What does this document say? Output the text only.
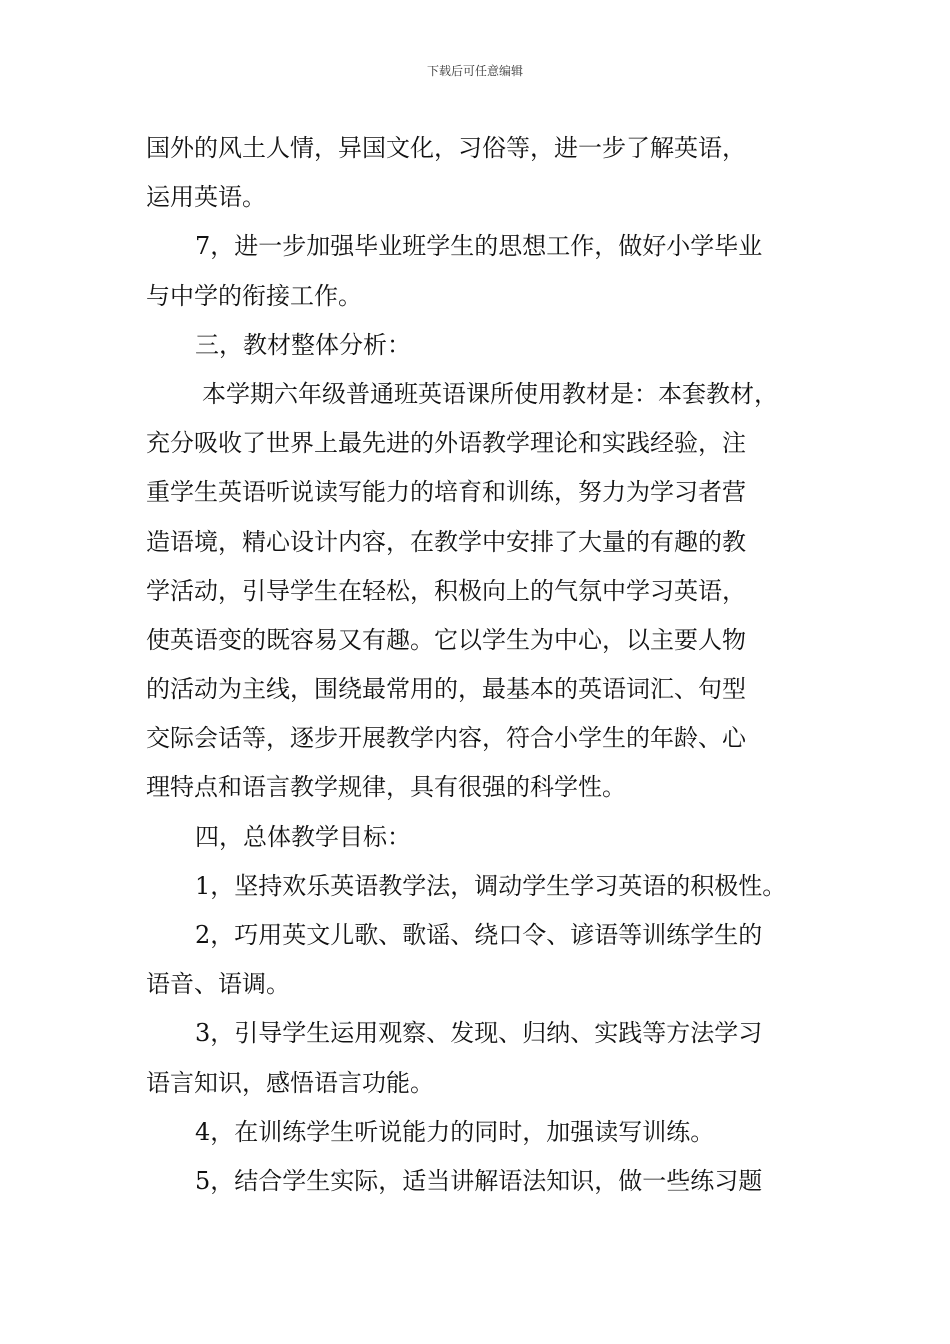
下载后可任意编辑
国外的风土人情，异国文化，习俗等，进一步了解英语，
运用英语。
7，进一步加强毕业班学生的思想工作，做好小学毕业
与中学的衔接工作。
三，教材整体分析：
本学期六年级普通班英语课所使用教材是：本套教材，
充分吸收了世界上最先进的外语教学理论和实践经验，注
重学生英语听说读写能力的培育和训练，努力为学习者营
造语境，精心设计内容，在教学中安排了大量的有趣的教
学活动，引导学生在轻松，积极向上的气氛中学习英语，
使英语变的既容易又有趣。它以学生为中心，以主要人物
的活动为主线，围绕最常用的，最基本的英语词汇、句型
交际会话等，逐步开展教学内容，符合小学生的年龄、心
理特点和语言教学规律，具有很强的科学性。
四，总体教学目标：
1，坚持欢乐英语教学法，调动学生学习英语的积极性。
2，巧用英文儿歌、歌谣、绕口令、谚语等训练学生的
语音、语调。
3，引导学生运用观察、发现、归纳、实践等方法学习
语言知识，感悟语言功能。
4，在训练学生听说能力的同时，加强读写训练。
5，结合学生实际，适当讲解语法知识，做一些练习题
